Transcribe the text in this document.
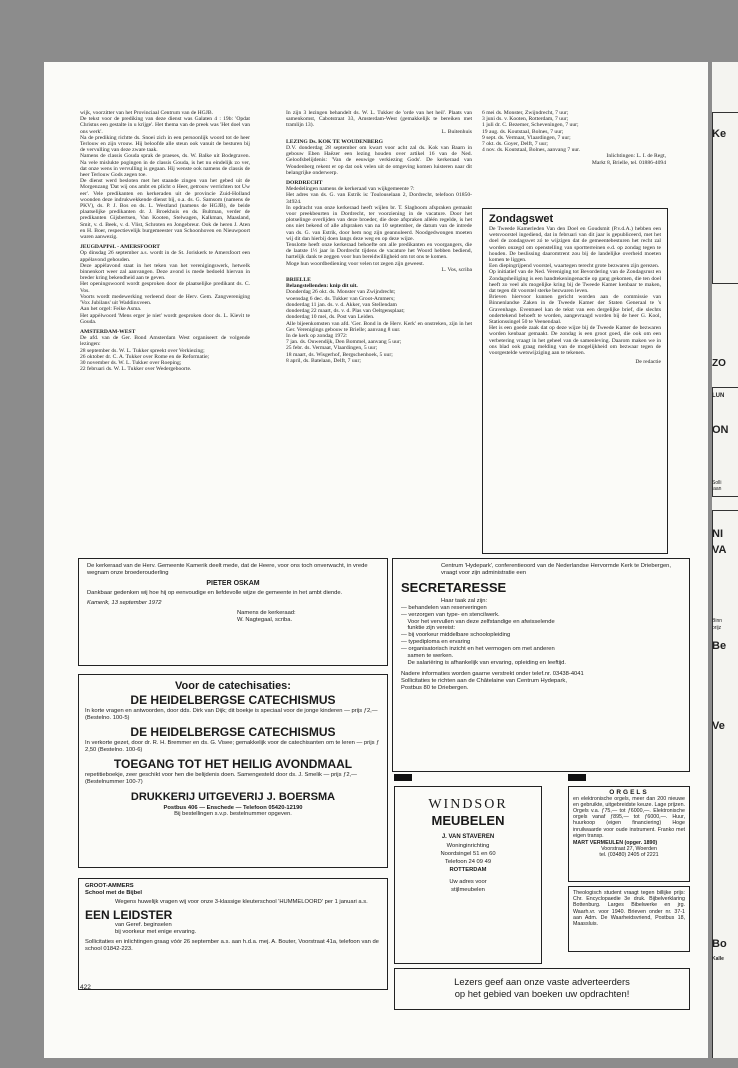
wijk, voorzitter van het Provinciaal Centrum van de HGJB.

De tekst voor de prediking van deze dienst was Galaten 4 : 19b: 'Opdat Christus een gestalte in u krijge'. Het thema van de preek was 'Het doel van ons werk'.

Na de prediking richtte ds. Snoei zich in een persoonlijk woord tot de heer Terlouw en zijn vrouw. Hij beloofde alle steun ook vanuit de besturen bij de vervulling van deze zware taak.

Namens de classis Gouda sprak de praeses, ds. W. Balke uit Bodegraven. Na vele mislukte pogingen in de classis Gouda, is het nu eindelijk zo ver, dat onze wens in vervulling is gegaan. Hij wenste ook namens de classis de heer Terlouw Gods zegen toe.

De dienst werd besloten met het staande zingen van het gebed uit de Morgenzang 'Dat wij ons ambt en plicht o Heer, getrouw verrichten tot Uw eer'. Vele predikanten en kerkeraden uit de provincie Zuid-Holland woonden deze indrukwekkende dienst bij, o.a. ds. G. Samsom (namens de PKV), ds. P. J. Bos en ds. L. Westland (namens de HGJB), de beide plaatselijke predikanten dr. J. Broekhuis en ds. Bultman, verder de predikanten Gijsbertsen, Van Kooten, Stelwagen, Kalkman, Maasland, Smit, v. d. Beek, v. d. Vlist, Schroten en Jongebreur. Ook de heren J. Aten en H. Boer, respectievelijk burgemeester van Schoonhoven en Nieuwpoort waren aanwezig.

JEUGDAPPèL - AMERSFOORT

Op dinsdag 26 september a.s. wordt in de St. Joriskerk te Amersfoort een appèlavond gehouden.

Deze appèlavond staat in het teken van het verenigingswerk, hetwelk binnenkort weer zal aanvangen. Deze avond is mede bedoeld hiervan in breder kring bekendheid aan te geven.

Het openingswoord wordt gesproken door de plaatselijke predikant ds. C. Vos.

Voorts wordt medewerking verleend door de Herv. Gem. Zangvereniging 'Vox Jubilans' uit Waddinxveen.

Aan het orgel: Feike Asma.

Het appèlwoord 'Mens erger je niet' wordt gesproken door ds. L. Kievit te Gouda.

AMSTERDAM-WEST

De afd. van de Ger. Bond Amsterdam West organiseert de volgende lezingen:

28 september ds. W. L. Tukker spreekt over Verkiezing;

26 oktober dr. C. A. Tukker over Rome en de Reformatie;

30 november ds. W. L. Tukker over Roeping;

22 februari ds. W. L. Tukker over Wedergeboorte.

In zijn 3 lezingen behandelt ds. W. L. Tukker de 'orde van het heil'. Plaats van samenkomst, Cabotstraat 33, Amsterdam-West (gemakkelijk te bereiken met tramlijn 13).

L. Buitenhuis

LEZING Ds. KOK TE WOUDENBERG

D.V. donderdag 28 september om kwart voor acht zal ds. Kok van Baarn in gebouw Eben Haëzer een lezing houden over artikel 16 van de Ned. Geloofsbelijdenis: 'Van de eeuwige verkiezing Gods'. De kerkeraad van Woudenberg rekent er op dat ook velen uit de omgeving komen luisteren naar dit belangrijke onderwerp.

DORDRECHT

Mededelingen namens de kerkeraad van wijkgemeente 7:

Het adres van ds. G. van Estrik is: Toulouselaan 2, Dordrecht, telefoon 01850-34924.

In opdracht van onze kerkeraad heeft wijlen br. T. Slagboom afspraken gemaakt voor preekbeurten in Dordrecht, ter voorziening in de vacature. Door het plotselinge overlijden van deze broeder, die deze afspraken alléén regelde, is het ons niet bekend of alle afspraken van na 10 september, de datum van de intrede van ds. G. van Estrik, door hem nog zijn geannuleerd. Noodgedwongen moeten wij dit dan hierbij doen langs deze weg en op deze wijze.

Tenslotte heeft onze kerkeraad behoefte om alle predikanten en voorgangers, die de laatste 1½ jaar in Dordrecht tijdens de vacature het Woord hebben bediend, hartelijk dank te zeggen voor hun bereidwilligheid om tot ons te komen.

Moge hun woordbediening voor velen tot zegen zijn geweest.

L. Vos, scriba

BRIELLE

Belangstellenden: knip dit uit.

Donderdag 26 okt. ds. Monster van Zwijndrecht;

woensdag 6 dec. ds. Tukker van Groot-Ammers;

donderdag 11 jan. ds. v. d. Akker, van Stellendam

donderdag 22 maart, ds. v. d. Plas van Oeltgensplaat;

donderdag 10 mei, ds. Post van Leiden.

Alle bijeenkomsten van afd. 'Ger. Bond in de Herv. Kerk' en onstreken, zijn in het Ger. Verenigings gebouw te Brielle; aanvang 8 uur.

In de kerk op zondag 1972:

7 jan. ds. Ouwendijk, Den Bommel, aanvang 5 uur;

25 febr. ds. Vermaat, Vlaardingen, 5 uur;

18 maart, ds. Wisgerhof, Bergschenhoek, 5 uur;

8 april, ds. Batelaan, Delft, 7 uur;

6 mei ds. Monster, Zwijndrecht, 7 uur;

3 juni ds. v. Kooten, Rotterdam, 7 uur;

1 juli dr. C. Bezemer, Scheveningen, 7 uur;

19 aug. ds. Koutstaal, Bolnes, 7 uur;

9 sept. ds. Vermaat, Vlaardingen, 7 uur;

7 okt. ds. Goyer, Delft, 7 uur;

4 nov. ds. Koutstaal, Bolnes, aanvang 7 uur.

Inlichtingen: L. I. de Regt,

Markt 8, Brielle, tel. 01886-4094

Zondagswet

De Tweede Kamerleden Van den Doel en Goudsmit (P.v.d.A.) hebben een wetsvoorstel ingediend, dat in februari van dit jaar is gepubliceerd, met het doel de zondagswet zó te wijzigen dat de gemeentebesturen het recht zal worden onzegd om openstelling van sportterreinen e.d. op zondag tegen te houden. De beslissing daaromtrent zou bij de landelijke overheid moeten komen te liggen.

Een diepingrijpend voorstel, waartegen terecht grote bezwaren zijn gerezen.

Op initiatief van de Ned. Vereniging tot Bevordering van de Zondagsrust en Zondagsheiliging is een handtekeningenactie op gang gekomen, die ten doel heeft zo veel als mogelijke kring bij de Tweede Kamer kenbaar te maken, dat tegen dit voorstel sterke bezwaren leven.

Brieven hiervoor kunnen gericht worden aan de commissie van Binnenlandse Zaken in de Tweede Kamer der Staten Generaal te 's Gravenhage. Eventueel kan de tekst van een dergelijke brief, die slechts ondertekend behoeft te worden, aangevraagd worden bij de heer G. Kool, Stationssingel 50 te Veenendaal.

Het is een goede zaak dat op deze wijze bij de Tweede Kamer de bezwaren worden kenbaar gemaakt. De zondag is een groot goed, die ook om een verbetering vraagt in het geheel van de samenleving. Daarom maken we in ons blad ook graag melding van de mogelijkheid om bezwaar tegen de voorgestelde wetswijziging aan te tekenen.

De redactie

De kerkeraad van de Herv. Gemeente Kamerik deelt mede, dat de Heere, voor ons toch onverwacht, in vrede wegnam onze broederouderling

PIETER OSKAM

Dankbaar gedenken wij hoe hij op eenvoudige en liefdevolle wijze de gemeente in het ambt diende.

Kamerik, 13 september 1972

Namens de kerkeraad:

W. Nagtegaal, scriba.

Voor de catechisaties:

DE HEIDELBERGSE CATECHISMUS

In korte vragen en antwoorden, door dds. Dirk van Dijk; dit boekje is speciaal voor de jonge kinderen — prijs ƒ2,— (Bestelno. 100-5)

DE HEIDELBERGSE CATECHISMUS

In verkorte gezet, door dr. R. H. Bremmer en ds. G. Visee; gemakkelijk voor de catechisanten om te leren — prijs ƒ 2,50 (Bestelno. 100-6)

TOEGANG TOT HET HEILIG AVONDMAAL

repetitieboekje, zeer geschikt voor hen die belijdenis doen. Samengesteld door ds. J. Smelik — prijs ƒ2,— (Bestelnummer 100-7)

DRUKKERIJ UITGEVERIJ J. BOERSMA

Postbus 406 — Enschede — Telefoon 05420-12190

Bij bestellingen s.v.p. bestelnummer opgeven.

GROOT-AMMERS

School met de Bijbel

Wegens huwelijk vragen wij voor onze 3-klassige kleuterschool 'HUMMELOORD' per 1 januari a.s.

EEN LEIDSTER

van Geref. beginselen

bij voorkeur met enige ervaring.

Sollicitaties en inlichtingen graag vóór 26 september a.s. aan h.d.a. mej. A. Bouter, Voorstraat 41a, telefoon van de school 01842-223.

Centrum 'Hydepark', conferentieoord van de Nederlandse Hervormde Kerk te Driebergen, vraagt voor zijn administratie een

SECRETARESSE

Haar taak zal zijn:

— behandelen van reserveringen

— verzorgen van type- en stencilwerk.

Voor het vervullen van deze zelfstandige en afwisselende

funktie zijn vereist:

— bij voorkeur middelbare schoolopleiding

— typediploma en ervaring

— organisatorisch inzicht en het vermogen om met anderen

samen te werken.

De salariëring is afhankelijk van ervaring, opleiding en leeftijd.

Nadere informaties worden gaarne verstrekt onder telef.nr. 03438-4041

Sollicitaties te richten aan de Châtelaine van Centrum Hydepark,

Postbus 80 te Driebergen.

WINDSOR

MEUBELEN

J. VAN STAVEREN

Woninginrichting

Noordsingel 51 en 60

Telefoon 24 09 49

ROTTERDAM

Uw adres voor

stijlmeubelen

ORGELS

en elektronische orgels, meer dan 200 nieuwe en gebruikte, uitgebreidste keuze. Lage prijzen. Orgels v.a. ƒ75,— tot ƒ6000,—. Elektronische orgels vanaf ƒ895,— tot ƒ6000,—. Huur, huurkoop (eigen financiering) Hoge inruilwaarde voor oude instrument. Franko met eigen transp.

MART VERMEULEN (opger. 1890)

Voorstraat 27, Woerden

tel. (03480) 2405 of 2221

Theologisch student vraagt tegen billijke prijs: Chr. Encyclopaedie 3e druk. Bijbelverklaring Bottenburg. Larges Bibelwerke en jrg. Waarh.vr. voor 1940. Brieven onder nr. 37-1 aan Adm. De Waarheidsvriend, Postbus 18, Maassluis.

Lezers geef aan onze vaste adverteerders

op het gebied van boeken uw opdrachten!

422

Ke
ZO
LUN
ON
Solli
laan
NI
VA
Binn
prijz
Be
Ve
Bo
Kalle
